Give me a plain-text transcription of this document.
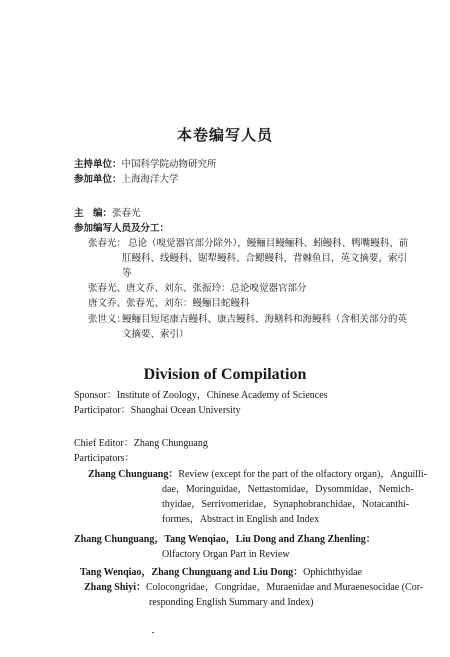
本卷编写人员
主持单位：中国科学院动物研究所
参加单位：上海海洋大学
主　编：张春光
参加编写人员及分工：
张春光： 总论（嗅觉器官部分除外），鳗鲡目鳗鲡科、蚓鳗科、鸭嘴鳗科、前
肛鳗科、线鳗科、锯犁鳗科、合鳃鳗科，背棘鱼目，英文摘要，索引
等
张春光、唐文乔、刘东、张振玲：总论嗅觉器官部分
唐文乔、张春光、刘东：鳗鲡目蛇鳗科
张世义：
鳗鲡目短尾康吉鳗科、康吉鳗科、海鳝科和海鳗科（含相关部分的英
文摘要、索引）
Division of Compilation
Sponsor：Institute of Zoology，Chinese Academy of Sciences
Participator：Shanghai Ocean University
Chief Editor：Zhang Chunguang
Participators：
Zhang Chunguang：Review (except for the part of the olfactory organ)，Anguilli-
dae，Moringuidae，Nettastomidae，Dysommidae，Nemich-
thyidae，Serrivomeridae，Synaphobranchidae，Notacanthi-
formes，Abstract in English and Index
Zhang Chunguang，Tang Wenqiao，Liu Dong and Zhang Zhenling：
Olfactory Organ Part in Review
Tang Wenqiao，Zhang Chunguang and Liu Dong：Ophichthyidae
Zhang Shiyi：Colocongridae，Congridae，Muraenidae and Muraenesocidae (Cor-
responding English Summary and Index)
